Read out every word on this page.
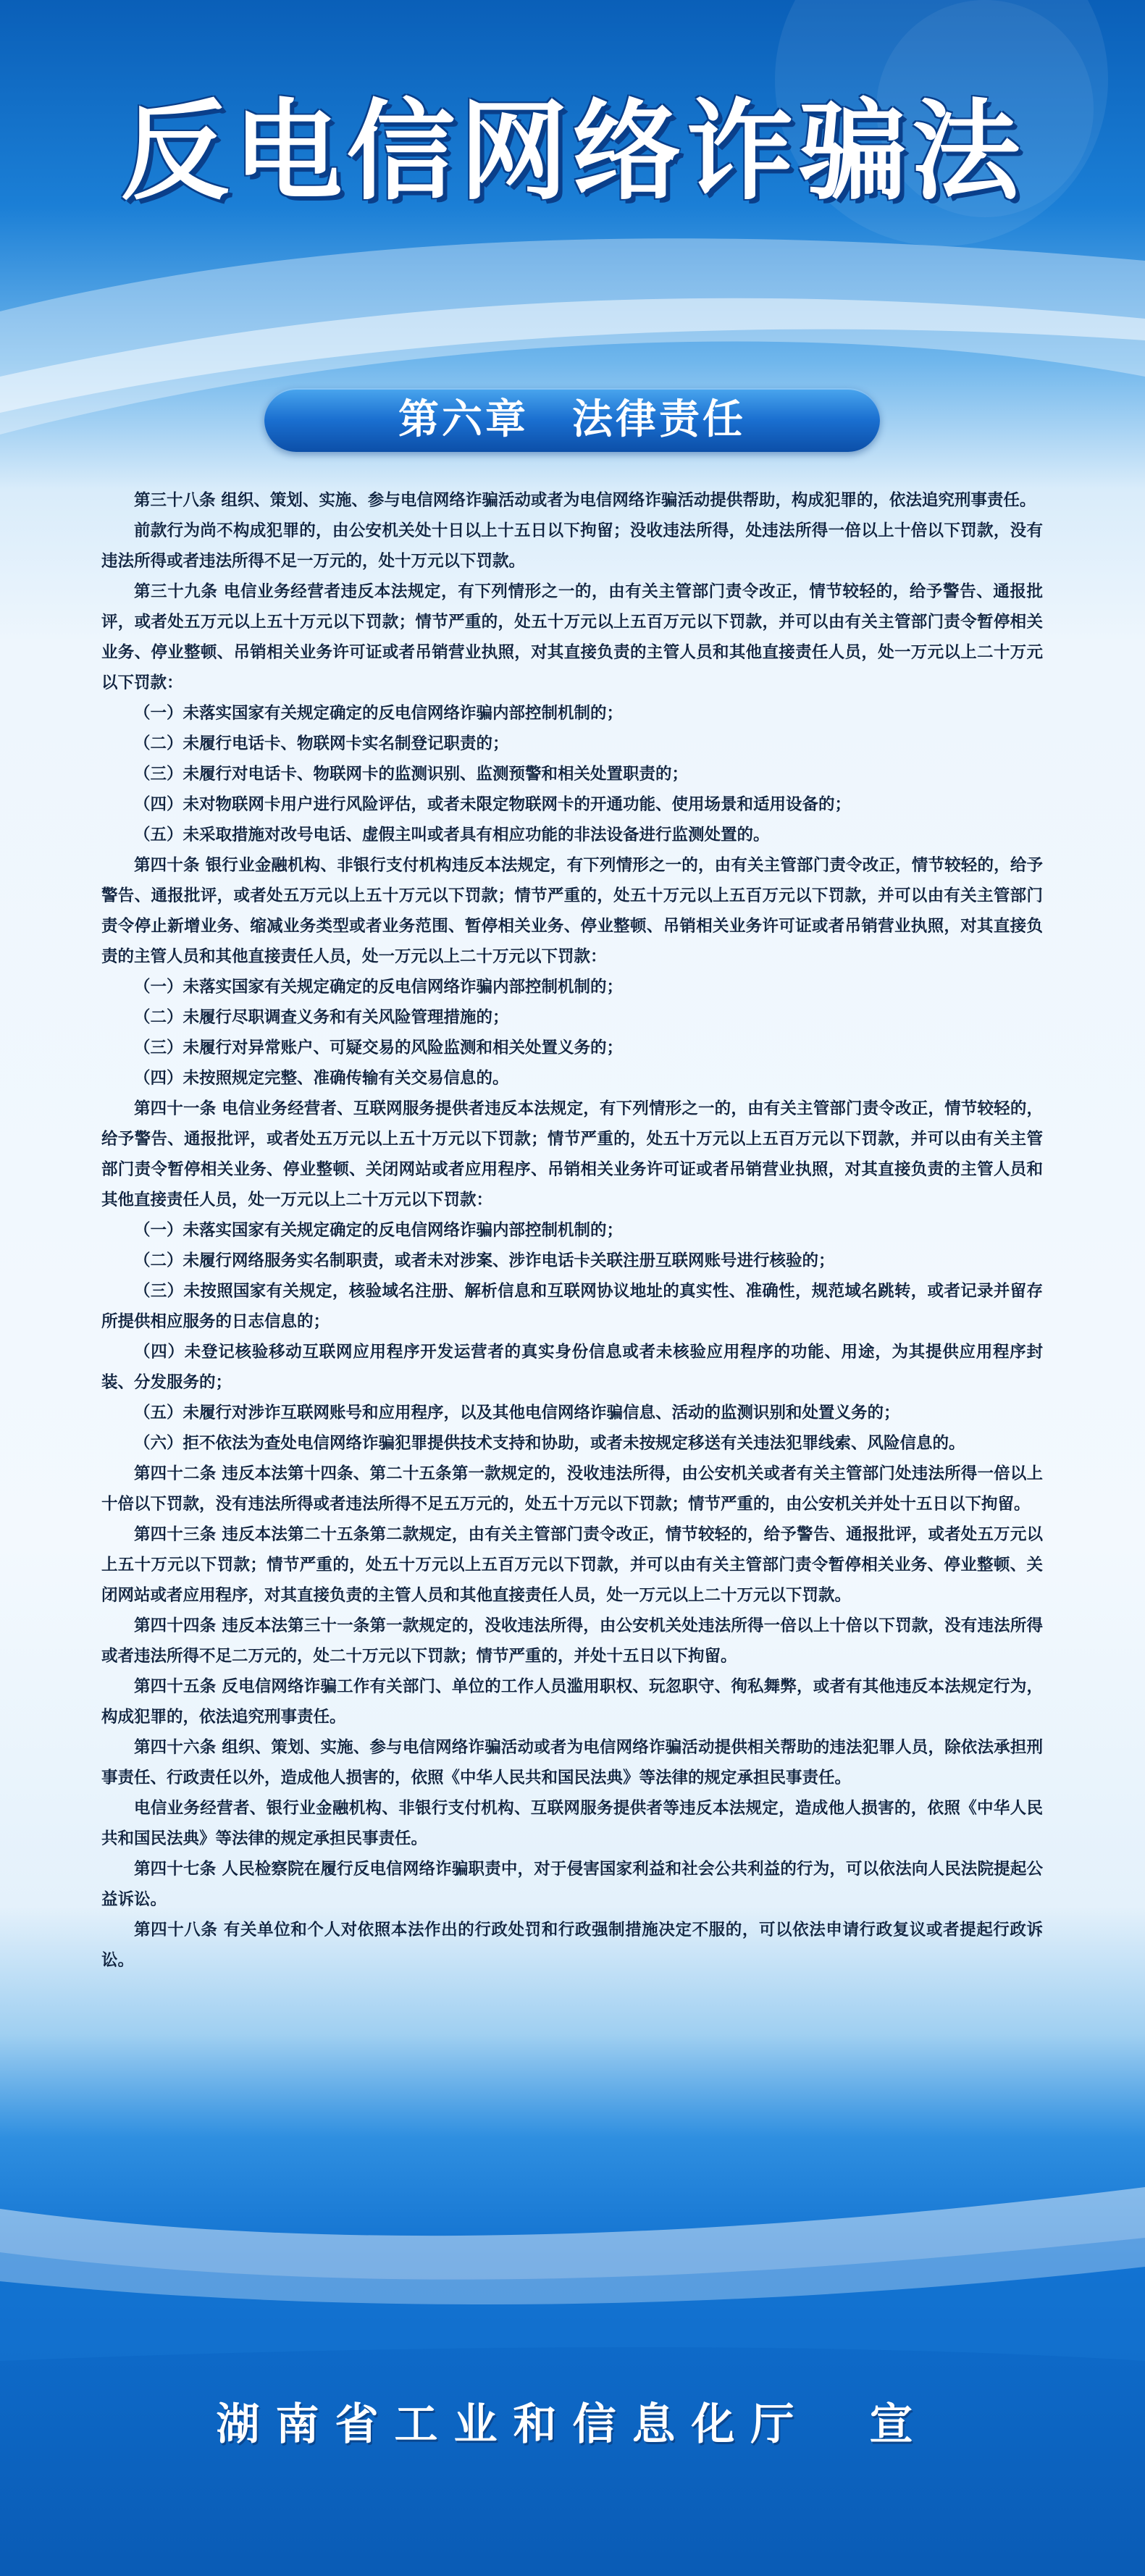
反电信网络诈骗法
第六章　法律责任

第三十八条 组织、策划、实施、参与电信网络诈骗活动或者为电信网络诈骗活动提供帮助，构成犯罪的，依法追究刑事责任。

前款行为尚不构成犯罪的，由公安机关处十日以上十五日以下拘留；没收违法所得，处违法所得一倍以上十倍以下罚款，没有违法所得或者违法所得不足一万元的，处十万元以下罚款。

第三十九条 电信业务经营者违反本法规定，有下列情形之一的，由有关主管部门责令改正，情节较轻的，给予警告、通报批评，或者处五万元以上五十万元以下罚款；情节严重的，处五十万元以上五百万元以下罚款，并可以由有关主管部门责令暂停相关业务、停业整顿、吊销相关业务许可证或者吊销营业执照，对其直接负责的主管人员和其他直接责任人员，处一万元以上二十万元以下罚款：

（一）未落实国家有关规定确定的反电信网络诈骗内部控制机制的；

（二）未履行电话卡、物联网卡实名制登记职责的；

（三）未履行对电话卡、物联网卡的监测识别、监测预警和相关处置职责的；

（四）未对物联网卡用户进行风险评估，或者未限定物联网卡的开通功能、使用场景和适用设备的；

（五）未采取措施对改号电话、虚假主叫或者具有相应功能的非法设备进行监测处置的。

第四十条 银行业金融机构、非银行支付机构违反本法规定，有下列情形之一的，由有关主管部门责令改正，情节较轻的，给予警告、通报批评，或者处五万元以上五十万元以下罚款；情节严重的，处五十万元以上五百万元以下罚款，并可以由有关主管部门责令停止新增业务、缩减业务类型或者业务范围、暂停相关业务、停业整顿、吊销相关业务许可证或者吊销营业执照，对其直接负责的主管人员和其他直接责任人员，处一万元以上二十万元以下罚款：

（一）未落实国家有关规定确定的反电信网络诈骗内部控制机制的；

（二）未履行尽职调查义务和有关风险管理措施的；

（三）未履行对异常账户、可疑交易的风险监测和相关处置义务的；

（四）未按照规定完整、准确传输有关交易信息的。

第四十一条 电信业务经营者、互联网服务提供者违反本法规定，有下列情形之一的，由有关主管部门责令改正，情节较轻的，给予警告、通报批评，或者处五万元以上五十万元以下罚款；情节严重的，处五十万元以上五百万元以下罚款，并可以由有关主管部门责令暂停相关业务、停业整顿、关闭网站或者应用程序、吊销相关业务许可证或者吊销营业执照，对其直接负责的主管人员和其他直接责任人员，处一万元以上二十万元以下罚款：

（一）未落实国家有关规定确定的反电信网络诈骗内部控制机制的；

（二）未履行网络服务实名制职责，或者未对涉案、涉诈电话卡关联注册互联网账号进行核验的；

（三）未按照国家有关规定，核验域名注册、解析信息和互联网协议地址的真实性、准确性，规范域名跳转，或者记录并留存所提供相应服务的日志信息的；

（四）未登记核验移动互联网应用程序开发运营者的真实身份信息或者未核验应用程序的功能、用途，为其提供应用程序封装、分发服务的；

（五）未履行对涉诈互联网账号和应用程序，以及其他电信网络诈骗信息、活动的监测识别和处置义务的；

（六）拒不依法为查处电信网络诈骗犯罪提供技术支持和协助，或者未按规定移送有关违法犯罪线索、风险信息的。

第四十二条 违反本法第十四条、第二十五条第一款规定的，没收违法所得，由公安机关或者有关主管部门处违法所得一倍以上十倍以下罚款，没有违法所得或者违法所得不足五万元的，处五十万元以下罚款；情节严重的，由公安机关并处十五日以下拘留。

第四十三条 违反本法第二十五条第二款规定，由有关主管部门责令改正，情节较轻的，给予警告、通报批评，或者处五万元以上五十万元以下罚款；情节严重的，处五十万元以上五百万元以下罚款，并可以由有关主管部门责令暂停相关业务、停业整顿、关闭网站或者应用程序，对其直接负责的主管人员和其他直接责任人员，处一万元以上二十万元以下罚款。

第四十四条 违反本法第三十一条第一款规定的，没收违法所得，由公安机关处违法所得一倍以上十倍以下罚款，没有违法所得或者违法所得不足二万元的，处二十万元以下罚款；情节严重的，并处十五日以下拘留。

第四十五条 反电信网络诈骗工作有关部门、单位的工作人员滥用职权、玩忽职守、徇私舞弊，或者有其他违反本法规定行为，构成犯罪的，依法追究刑事责任。

第四十六条 组织、策划、实施、参与电信网络诈骗活动或者为电信网络诈骗活动提供相关帮助的违法犯罪人员，除依法承担刑事责任、行政责任以外，造成他人损害的，依照《中华人民共和国民法典》等法律的规定承担民事责任。

电信业务经营者、银行业金融机构、非银行支付机构、互联网服务提供者等违反本法规定，造成他人损害的，依照《中华人民共和国民法典》等法律的规定承担民事责任。

第四十七条 人民检察院在履行反电信网络诈骗职责中，对于侵害国家利益和社会公共利益的行为，可以依法向人民法院提起公益诉讼。

第四十八条 有关单位和个人对依照本法作出的行政处罚和行政强制措施决定不服的，可以依法申请行政复议或者提起行政诉讼。

湖南省工业和信息化厅　宣
